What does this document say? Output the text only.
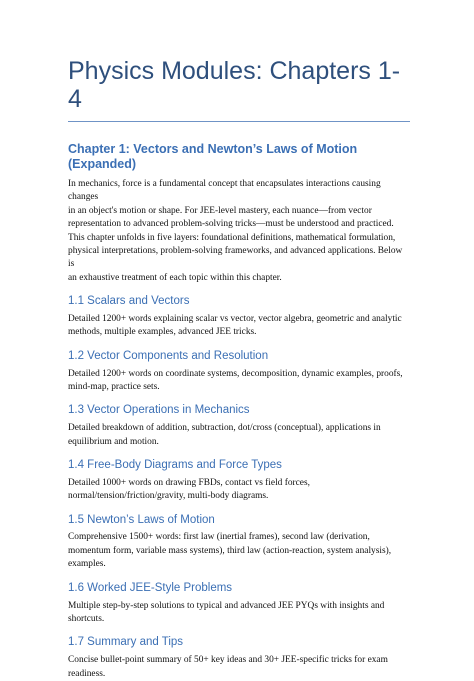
Physics Modules: Chapters 1-4
Chapter 1: Vectors and Newton’s Laws of Motion (Expanded)
In mechanics, force is a fundamental concept that encapsulates interactions causing changes
in an object's motion or shape. For JEE-level mastery, each nuance—from vector
representation to advanced problem-solving tricks—must be understood and practiced.
This chapter unfolds in five layers: foundational definitions, mathematical formulation,
physical interpretations, problem-solving frameworks, and advanced applications. Below is
an exhaustive treatment of each topic within this chapter.
1.1 Scalars and Vectors
Detailed 1200+ words explaining scalar vs vector, vector algebra, geometric and analytic
methods, multiple examples, advanced JEE tricks.
1.2 Vector Components and Resolution
Detailed 1200+ words on coordinate systems, decomposition, dynamic examples, proofs,
mind-map, practice sets.
1.3 Vector Operations in Mechanics
Detailed breakdown of addition, subtraction, dot/cross (conceptual), applications in
equilibrium and motion.
1.4 Free-Body Diagrams and Force Types
Detailed 1000+ words on drawing FBDs, contact vs field forces,
normal/tension/friction/gravity, multi-body diagrams.
1.5 Newton’s Laws of Motion
Comprehensive 1500+ words: first law (inertial frames), second law (derivation,
momentum form, variable mass systems), third law (action-reaction, system analysis),
examples.
1.6 Worked JEE-Style Problems
Multiple step-by-step solutions to typical and advanced JEE PYQs with insights and
shortcuts.
1.7 Summary and Tips
Concise bullet-point summary of 50+ key ideas and 30+ JEE-specific tricks for exam
readiness.
